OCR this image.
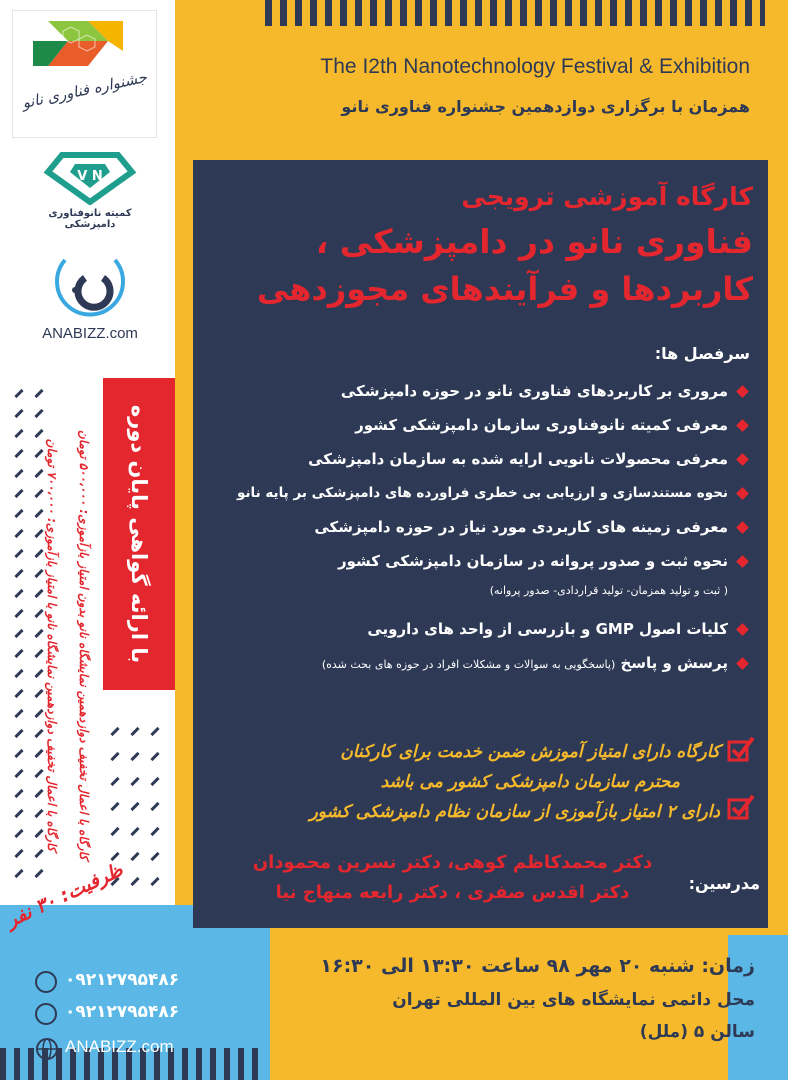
The I2th Nanotechnology Festival & Exhibition
همزمان با برگزاری دوازدهمین جشنواره فناوری نانو
جشنواره فناوری نانو
V N
کمیته نانوفناوری دامپزشکی
ANABIZZ.com
با ارائه گواهی پایان دوره
کارگاه با اعمال تخفیف دوازدهمین نمایشگاه نانو با امتیاز بازآموزی: ۷۰۰،۰۰۰ تومان
کارگاه با اعمال تخفیف دوازدهمین نمایشگاه نانو بدون امتیاز بازآموزی: ۵۰۰،۰۰۰ تومان
کارگاه آموزشی ترویجی
فناوری نانو در دامپزشکی ،
کاربردها و فرآیندهای مجوزدهی
سرفصل ها:
مروری بر کاربردهای فناوری نانو در حوزه دامپزشکی
معرفی کمیته نانوفناوری سازمان دامپزشکی کشور
معرفی محصولات نانویی ارایه شده به سازمان دامپزشکی
نحوه مستندسازی و ارزیابی بی خطری فراورده های دامپزشکی بر پایه نانو
معرفی زمینه های کاربردی مورد نیاز در حوزه دامپزشکی
نحوه ثبت و صدور پروانه در سازمان دامپزشکی کشور
( ثبت و تولید همزمان- تولید قراردادی- صدور پروانه)
کلیات اصول GMP و بازرسی از واحد های دارویی
پرسش و پاسخ (پاسخگویی به سوالات و مشکلات افراد در حوزه های بحث شده)
کارگاه دارای امتیاز آموزش ضمن خدمت برای کارکنان
محترم سازمان دامپزشکی کشور می باشد
دارای ۲ امتیاز بازآموزی از سازمان نظام دامپزشکی کشور
مدرسین:
دکتر محمدکاظم کوهی، دکتر نسرین محمودان
دکتر اقدس صفری ، دکتر رابعه منهاج نیا
زمان: شنبه ۲۰ مهر ۹۸ ساعت ۱۳:۳۰ الی ۱۶:۳۰
محل دائمی نمایشگاه های بین المللی تهران
سالن ۵ (ملل)
ظرفیت: ۳۰ نفر
۰۹۲۱۲۷۹۵۴۸۶
۰۹۲۱۲۷۹۵۴۸۶
ANABIZZ.com
